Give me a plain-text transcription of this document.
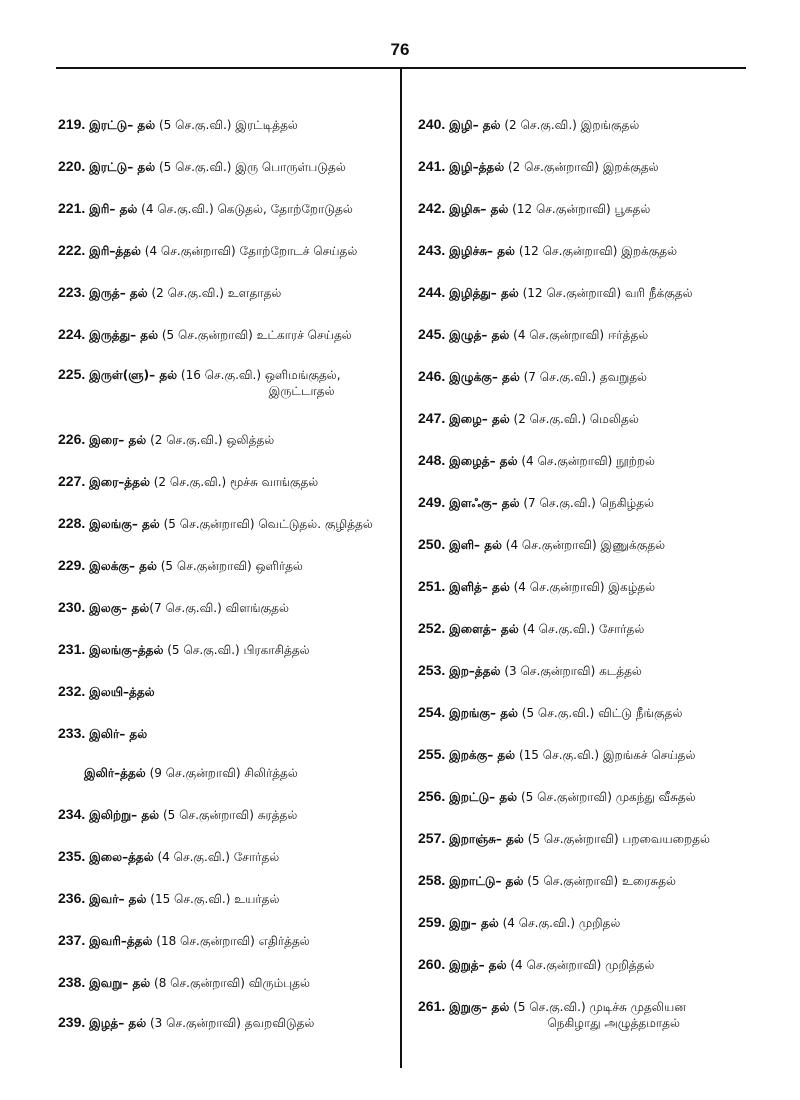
76
219. இரட்டு– தல் (5 செ.கு.வி.) இரட்டித்தல்
220. இரட்டு– தல் (5 செ.கு.வி.) இரு பொருள்படுதல்
221. இரி– தல் (4 செ.கு.வி.) கெடுதல், தோற்றோடுதல்
222. இரி–த்தல் (4 செ.குன்றாவி) தோற்றோடச் செய்தல்
223. இருத்– தல் (2 செ.கு.வி.) உளதாதல்
224. இருத்து– தல் (5 செ.குன்றாவி) உட்காரச் செய்தல்
225. இருள்(ளு)– தல் (16 செ.கு.வி.) ஒளிமங்குதல்,
இருட்டாதல்
226. இரை– தல் (2 செ.கு.வி.) ஒலித்தல்
227. இரை–த்தல் (2 செ.கு.வி.) மூச்சு வாங்குதல்
228. இலங்கு– தல் (5 செ.குன்றாவி) வெட்டுதல். குழித்தல்
229. இலக்கு– தல் (5 செ.குன்றாவி) ஒளிர்தல்
230. இலகு– தல்(7 செ.கு.வி.) விளங்குதல்
231. இலங்கு–த்தல் (5 செ.கு.வி.) பிரகாசித்தல்
232. இலயி–த்தல்
233. இலிர்– தல்
இலிர்–த்தல் (9 செ.குன்றாவி) சிலிர்த்தல்
234. இலிற்று– தல் (5 செ.குன்றாவி) சுரத்தல்
235. இலை–த்தல் (4 செ.கு.வி.) சோர்தல்
236. இவர்– தல் (15 செ.கு.வி.) உயர்தல்
237. இவரி–த்தல் (18 செ.குன்றாவி) எதிர்த்தல்
238. இவறு– தல் (8 செ.குன்றாவி) விரும்புதல்
239. இழத்– தல் (3 செ.குன்றாவி) தவறவிடுதல்
240. இழி– தல் (2 செ.கு.வி.) இறங்குதல்
241. இழி–த்தல் (2 செ.குன்றாவி) இறக்குதல்
242. இழிசு– தல் (12 செ.குன்றாவி) பூசுதல்
243. இழிச்சு– தல் (12 செ.குன்றாவி) இறக்குதல்
244. இழித்து– தல் (12 செ.குன்றாவி) வரி நீக்குதல்
245. இழுத்– தல் (4 செ.குன்றாவி) ஈர்த்தல்
246. இழுக்கு– தல் (7 செ.கு.வி.) தவறுதல்
247. இழை– தல் (2 செ.கு.வி.) மெலிதல்
248. இழைத்– தல் (4 செ.குன்றாவி) நூற்றல்
249. இளஃகு– தல் (7 செ.கு.வி.) நெகிழ்தல்
250. இளி– தல் (4 செ.குன்றாவி) இணுக்குதல்
251. இளித்– தல் (4 செ.குன்றாவி) இகழ்தல்
252. இளைத்– தல் (4 செ.கு.வி.) சோர்தல்
253. இற–த்தல் (3 செ.குன்றாவி) கடத்தல்
254. இறங்கு– தல் (5 செ.கு.வி.) விட்டு நீங்குதல்
255. இறக்கு– தல் (15 செ.கு.வி.) இறங்கச் செய்தல்
256. இறட்டு– தல் (5 செ.குன்றாவி) முகந்து வீசுதல்
257. இறாஞ்சு– தல் (5 செ.குன்றாவி) பறவையறைதல்
258. இறாட்டு– தல் (5 செ.குன்றாவி) உரைசுதல்
259. இறு– தல் (4 செ.கு.வி.) முறிதல்
260. இறுத்– தல் (4 செ.குன்றாவி) முறித்தல்
261. இறுகு– தல் (5 செ.கு.வி.) முடிச்சு முதலியன
நெகிழாது அழுத்தமாதல்
